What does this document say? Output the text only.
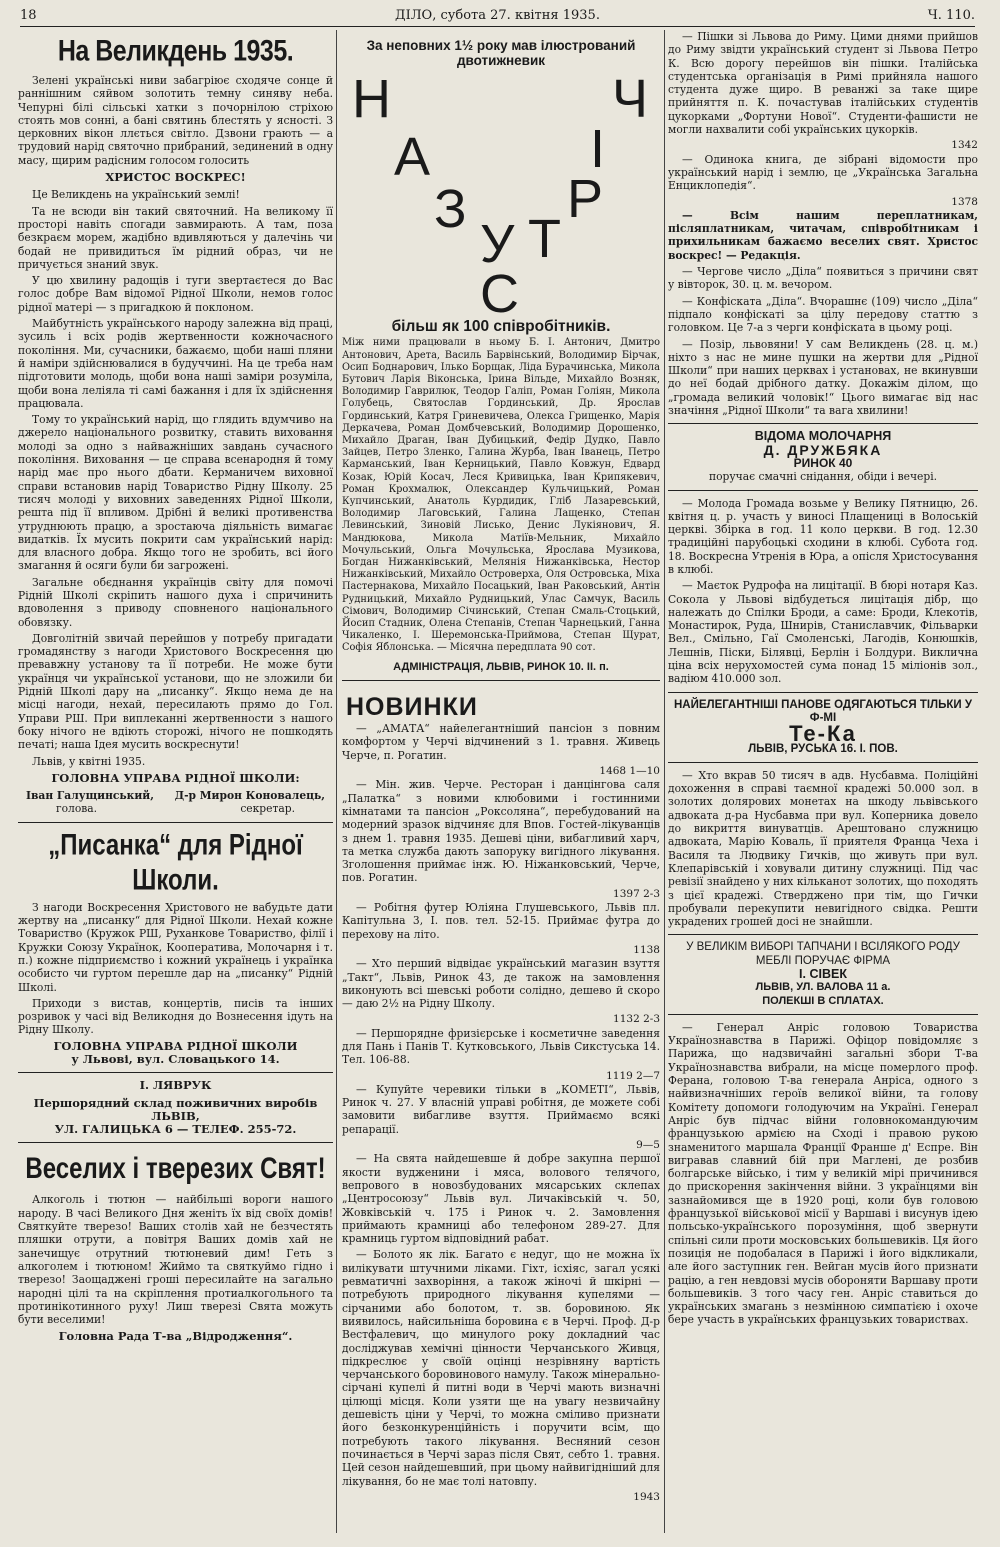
18	ДІЛО, субота 27. квітня 1935.	Ч. 110.
На Великдень 1935.

Зелені українські ниви забагріює сходяче сонце й раннішним сяйвом золотить темну синяву неба. Чепурні білі сільські хатки з почорнілою стріхою стоять мов сонні, а бані святинь блестять у ясності. З церковних вікон ллється світло. Дзвони грають — а трудовий нарід святочно прибраний, зединений в одну масу, щирим радісним голосом голосить

ХРИСТОС ВОСКРЕС!

Це Великдень на український землі!

Та не всюди він такий святочний. На великому її просторі навіть спогади завмирають. А там, поза безкраєм морем, жадібно вдивляються у далечінь чи бодай не привидиться їм рідний образ, чи не причується знаний звук.

У цю хвилину радощів і туги звертаєтеся до Вас голос добре Вам відомої Рідної Школи, немов голос рідної матері — з пригадкою й поклоном.

Майбутність українського народу залежна від праці, зусиль і всіх родів жертвенности кожночасного покоління. Ми, сучасники, бажаємо, щоби наші пляни й наміри здійснювалися в будуччині. На це треба нам підготовити молодь, щоби вона наші заміри розуміла, щоби вона леліяла ті самі бажання і для їх здійснення працювала.

Тому то український нарід, що глядить вдумчиво на джерело національного розвитку, ставить виховання молоді за одно з найважніших завдань сучасного покоління. Виховання — це справа всенародня й тому нарід має про нього дбати. Керманичем виховної справи встановив нарід Товариство Рідну Школу. 25 тисяч молоді у виховних заведеннях Рідної Школи, решта під її впливом. Дрібні й великі противенства утруднюють працю, а зростаюча діяльність вимагає видатків. Їх мусить покрити сам український нарід: для власного добра. Якщо того не зробить, всі його змагання й осяги були би загрожені.

Загальне обєднання українців світу для помочі Рідній Школі скріпить нашого духа і спричинить вдоволення з приводу сповненого національного обовязку.

Довголітній звичай перейшов у потребу пригадати громадянству з нагоди Христового Воскресення цю превавжну установу та її потреби. Не може бути українця чи української установи, що не зложили би Рідній Школі дару на „писанку“. Якщо нема де на місці нагоди, нехай, пересилають прямо до Гол. Управи РШ. При виплеканні жертвенности з нашого боку нічого не вдіють сторожі, нічого не пошкодять печаті; наша Ідея мусить воскреснути!

Львів, у квітні 1935.

ГОЛОВНА УПРАВА РІДНОЇ ШКОЛИ:
Іван Галущинський, Д-р Мирон Коновалець,
голова.	секретар.
„Писанка“ для Рідної Школи.

З нагоди Воскресення Христового не вабудьте дати жертву на „писанку“ для Рідної Школи. Нехай кожне Товариство (Кружок РШ, Руханкове Товариство, філії і Кружки Союзу Українок, Кооператива, Молочарня і т. п.) кожне підприємство і кожний українець і українка особисто чи гуртом перешле дар на „писанку“ Рідній Школі.

Приходи з вистав, концертів, писів та інших розривок у часі від Великодня до Вознесення ідуть на Рідну Школу.

ГОЛОВНА УПРАВА РІДНОЇ ШКОЛИ
у Львові, вул. Словацького 14.
І. ЛЯВРУК
Першорядний склад поживичних виробів
ЛЬВІВ,
УЛ. ГАЛИЦЬКА 6 — ТЕЛЕФ. 255-72.
Веселих і тверезих Свят!

Алкоголь і тютюн — найбільші вороги нашого народу. В часі Великого Дня женіть їх від своїх домів! Святкуйте тверезо! Ваших столів хай не безчестять пляшки отрути, а повітря Ваших домів хай не занечищує отрутний тютюневий дим! Геть з алкоголем і тютюном! Жиймо та святкуймо гідно і тверезо! Заощаджені гроші пересилайте на загально народні цілі та на скріплення протиалкогольного та протинікотинного руху! Лиш тверезі Свята можуть бути веселими!

Головна Рада Т-ва „Відродження“.
За неповних 1½ року мав ілюстрований двотижневик
Н
А
З
У
С
Т
Р
І
Ч
більш як 100 співробітників.

Між ними працювали в ньому Б. І. Антонич, Дмитро Антонович, Арета, Василь Барвінський, Володимир Бірчак, Осип Боднарович, Ілько Борщак, Ліда Бурачинська, Микола Бутович Ларія Віконська, Ірина Вільде, Михайло Возняк, Володимир Гаврилюк, Теодор Галіп, Роман Голіян, Микола Голубець, Святослав Гординський, Др. Ярослав Гординський, Катря Гриневичева, Олекса Грищенко, Марія Деркачева, Роман Домбчевський, Володимир Дорошенко, Михайло Драган, Іван Дубицький, Федір Дудко, Павло Зайцев, Петро Зленко, Галина Журба, Іван Іванець, Петро Карманський, Іван Керницький, Павло Ковжун, Едвард Козак, Юрій Косач, Леся Кривицька, Іван Крипякевич, Роман Крохмалюк, Олександер Кульчицький, Роман Купчинський, Анатоль Курдидик, Гліб Лазаревський, Володимир Лаговський, Галина Лащенко, Степан Левинський, Зиновій Лисько, Денис Лукіянович, Я. Мандюкова, Микола Матіїв-Мельник, Михайло Мочульський, Ольга Мочульська, Ярослава Музикова, Богдан Нижанківський, Мелянія Нижанківська, Нестор Нижанківський, Михайло Островерха, Оля Островська, Міха Пастернакова, Михайло Посацький, Іван Раковський, Антін Рудницький, Михайло Рудницький, Улас Самчук, Василь Сімович, Володимир Січинський, Степан Смаль-Стоцький, Йосип Стадник, Олена Степанів, Степан Чарнецький, Ганна Чикаленко, І. Шеремонська-Приймова, Степан Щурат, Софія Яблонська. — Місячна передплата 90 сот.

АДМІНІСТРАЦІЯ, ЛЬВІВ, РИНОК 10. II. п.
НОВИНКИ

— „АМАТА“ найелегантніший пансіон з повним комфортом у Черчі відчинений з 1. травня. Живець Черче, п. Рогатин.

1468 1—10

— Мін. жив. Черче. Ресторан і данцінгова саля „Палатка“ з новими клюбовими і гостинними кімнатами та пансіон „Роксоляна“, перебудований на модерний зразок відчиняє для Впов. Гостей-лікуванців з днем 1. травня 1935. Дешеві ціни, вибагливий харч, та метка служба дають запоруку вигідного лікування. Зголошення приймає інж. Ю. Ніжанковський, Черче, пов. Рогатин.

1397 2-3

— Робітня футер Юліяна Глушевського, Львів пл. Капітульна 3, І. пов. тел. 52-15. Приймає футра до перехову на літо.

1138

— Хто перший відвідає український магазин взуття „Такт“, Львів, Ринок 43, де також на замовлення виконують всі шевські роботи солідно, дешево й скоро — даю 2½ на Рідну Школу.

1132 2-3

— Першорядне фризієрське і косметичне заведення для Пань і Панів Т. Кутковського, Львів Сикстуська 14. Тел. 106-88.

1119 2—7

— Купуйте черевики тільки в „КОМЕТІ“, Львів, Ринок ч. 27. У власній управі робітня, де можете собі замовити вибагливе взуття. Приймаємо всякі репарації.

9—5

— На свята найдешевше й добре закупна першої якости вудженини і мяса, волового телячого, вепрового в новозбудованих мясарських склепах „Центросоюзу“ Львів вул. Личаківській ч. 50, Жовківській ч. 175 і Ринок ч. 2. Замовлення приймають крамниці або телефоном 289-27. Для крамниць гуртом відповідний рабат.

— Болото як лік. Багато є недуг, що не можна їх вилікувати штучними ліками. Гіхт, ісхіяс, загал усякі ревматичні захворіння, а також жіночі й шкірні — потребують природного лікування купелями — сірчаними або болотом, т. зв. боровиною. Як виявилось, найсильніша боровина є в Черчі. Проф. Д-р Вестфалевич, що минулого року докладний час досліджував хемічні цінности Черчанського Живця, підкреслює у своїй оцінці незрівняну вартість черчанського боровинового намулу. Також мінерально-сірчані купелі й питні води в Черчі мають визначні цілющі місця. Коли узяти ще на увагу незвичайну дешевість ціни у Черчі, то можна сміливо признати його безконкуренційність і поручити всім, що потребують такого лікування. Весняний сезон починається в Черчі зараз після Свят, себто 1. травня. Цей сезон найдешевший, при цьому найвигідніший для лікування, бо не має толі натовпу.

1943

— Пішки зі Львова до Риму. Цими днями прийшов до Риму звідти український студент зі Львова Петро К. Всю дорогу перейшов він пішки. Італійська студентська організація в Римі прийняла нашого студента дуже щиро. В реванжі за таке щире прийняття п. К. почастував італійських студентів цукорками „Фортуни Нової“. Студенти-фашисти не могли нахвалити собі українських цукорків.

1342

— Одинока книга, де зібрані відомости про український нарід і землю, це „Українська Загальна Енциклопедія“.

1378

— Всім нашим переплатникам, післяплатникам, читачам, співробітникам і прихильникам бажаємо веселих свят. Христос воскрес! — Редакція.

— Чергове число „Діла“ появиться з причини свят у вівторок, 30. ц. м. вечором.

— Конфіската „Діла“. Вчорашнє (109) число „Діла“ підпало конфіскаті за цілу передову статтю з головком. Це 7-а з черги конфіската в цьому році.

— Позір, львовяни! У сам Великдень (28. ц. м.) ніхто з нас не мине пушки на жертви для „Рідної Школи“ при наших церквах і установах, не вкинувши до неї бодай дрібного датку. Докажім ділом, що „громада великий чоловік!“ Цього вимагає від нас значіння „Рідної Школи“ та вага хвилини!

ВІДОМА МОЛОЧАРНЯ
Д. ДРУЖБЯКА
РИНОК 40
поручає смачні снідання, обіди і вечері.

— Молода Громада возьме у Велику Пятницю, 26. квітня ц. р. участь у виносі Плащениці в Волоській церкві. Збірка в год. 11 коло церкви. В год. 12.30 традиційні парубоцькі сходини в клюбі. Субота год. 18. Воскресна Утренія в Юра, а опісля Христосування в клюбі.

— Маєток Рудрофа на лицітації. В бюрі нотаря Каз. Сокола у Львові відбудеться лицітація дібр, що належать до Спілки Броди, а саме: Броди, Клекотів, Монастирок, Руда, Шнирів, Станиславчик, Фільварки Вел., Смільно, Гаї Смоленські, Лагодів, Конюшків, Лешнів, Піски, Білявці, Берлін і Болдури. Виклична ціна всіх нерухомостей сума понад 15 міліонів зол., вадіюм 410.000 зол.

НАЙЕЛЕГАНТНІШІ ПАНОВЕ ОДЯГАЮТЬСЯ ТІЛЬКИ У Ф-МІ
Те-Ка
ЛЬВІВ, РУСЬКА 16. І. ПОВ.

— Хто вкрав 50 тисяч в адв. Нусбавма. Поліційні дохоження в справі таємної крадежі 50.000 зол. в золотих долярових монетах на шкоду львівського адвоката д-ра Нусбавма при вул. Коперника довело до викриття винуватців. Арештовано служницю адвоката, Марію Коваль, її приятеля Франца Чеха і Василя та Людвику Гичків, що живуть при вул. Клепарівській і ховували дитину служниці. Під час ревізії знайдено у них кільканот золотих, що походять з цієї крадежі. Стверджено при тім, що Гички пробували перекупити невигідного свідка. Решти украдених грошей досі не знайшли.

У ВЕЛИКІМ ВИБОРІ ТАПЧАНИ І ВСІЛЯКОГО РОДУ МЕБЛІ ПОРУЧАЄ ФІРМА
І. СІВЕК
ЛЬВІВ, УЛ. ВАЛОВА 11 а.
ПОЛЕКШІ В СПЛАТАХ.

— Генерал Анріс головою Товариства Українознавства в Парижі. Офіцор повідомляє з Парижа, що надзвичайні загальні збори Т-ва Українознавства вибрали, на місце померлого проф. Ферана, головою Т-ва генерала Анріса, одного з найвизначніших героїв великої війни, та голову Комітету допомоги голодуючим на Україні. Генерал Анріс був підчас війни головнокомандуючим французькою армією на Сході і правою рукою знаменитого маршала Франції Франше д' Еспре. Він вигравав славний бій при Маглені, де розбив болгарське військо, і тим у великій мірі причинився до прискорення закінчення війни. З українцями він зазнайомився ще в 1920 році, коли був головою французької військової місії у Варшаві і висунув ідею польсько-українського порозуміння, щоб звернути спільні сили проти московських большевиків. Ця його позиція не подобалася в Парижі і його відкликали, але його заступник ген. Вейган мусів його признати рацію, а ген невдовзі мусів обороняти Варшаву проти большевиків. З того часу ген. Анріс ставиться до українських змагань з незмінною симпатією і охоче бере участь в українських французьких товариствах.
